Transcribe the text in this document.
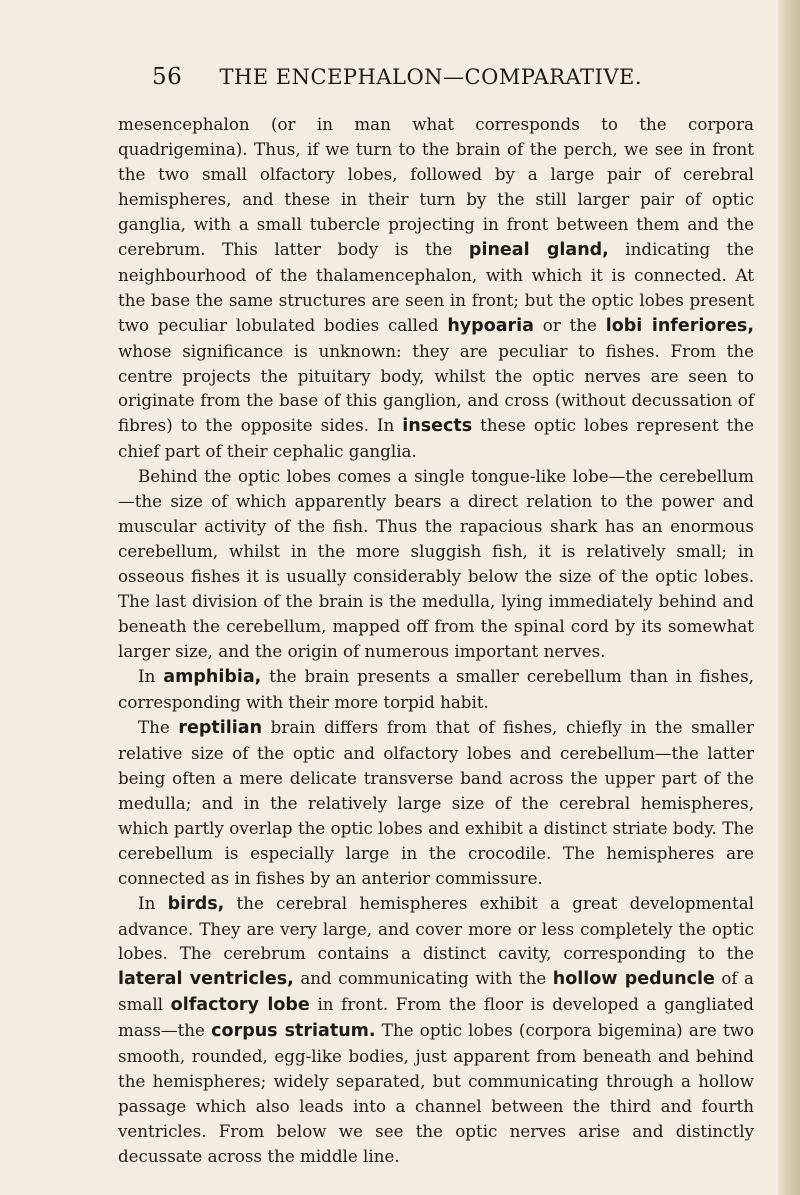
56 THE ENCEPHALON—COMPARATIVE.

mesencephalon (or in man what corresponds to the corpora quadrigemina). Thus, if we turn to the brain of the perch, we see in front the two small olfactory lobes, followed by a large pair of cerebral hemispheres, and these in their turn by the still larger pair of optic ganglia, with a small tubercle projecting in front between them and the cerebrum. This latter body is the pineal gland, indicating the neighbourhood of the thalamencephalon, with which it is connected. At the base the same structures are seen in front; but the optic lobes present two peculiar lobulated bodies called hypoaria or the lobi inferiores, whose significance is unknown: they are peculiar to fishes. From the centre projects the pituitary body, whilst the optic nerves are seen to originate from the base of this ganglion, and cross (without decussation of fibres) to the opposite sides. In insects these optic lobes represent the chief part of their cephalic ganglia.

Behind the optic lobes comes a single tongue-like lobe—the cerebellum—the size of which apparently bears a direct relation to the power and muscular activity of the fish. Thus the rapacious shark has an enormous cerebellum, whilst in the more sluggish fish, it is relatively small; in osseous fishes it is usually considerably below the size of the optic lobes. The last division of the brain is the medulla, lying immediately behind and beneath the cerebellum, mapped off from the spinal cord by its somewhat larger size, and the origin of numerous important nerves.

In amphibia, the brain presents a smaller cerebellum than in fishes, corresponding with their more torpid habit.

The reptilian brain differs from that of fishes, chiefly in the smaller relative size of the optic and olfactory lobes and cerebellum—the latter being often a mere delicate transverse band across the upper part of the medulla; and in the relatively large size of the cerebral hemispheres, which partly overlap the optic lobes and exhibit a distinct striate body. The cerebellum is especially large in the crocodile. The hemispheres are connected as in fishes by an anterior commissure.

In birds, the cerebral hemispheres exhibit a great developmental advance. They are very large, and cover more or less completely the optic lobes. The cerebrum contains a distinct cavity, corresponding to the lateral ventricles, and communicating with the hollow peduncle of a small olfactory lobe in front. From the floor is developed a gangliated mass—the corpus striatum. The optic lobes (corpora bigemina) are two smooth, rounded, egg-like bodies, just apparent from beneath and behind the hemispheres; widely separated, but communicating through a hollow passage which also leads into a channel between the third and fourth ventricles. From below we see the optic nerves arise and distinctly decussate across the middle line.
